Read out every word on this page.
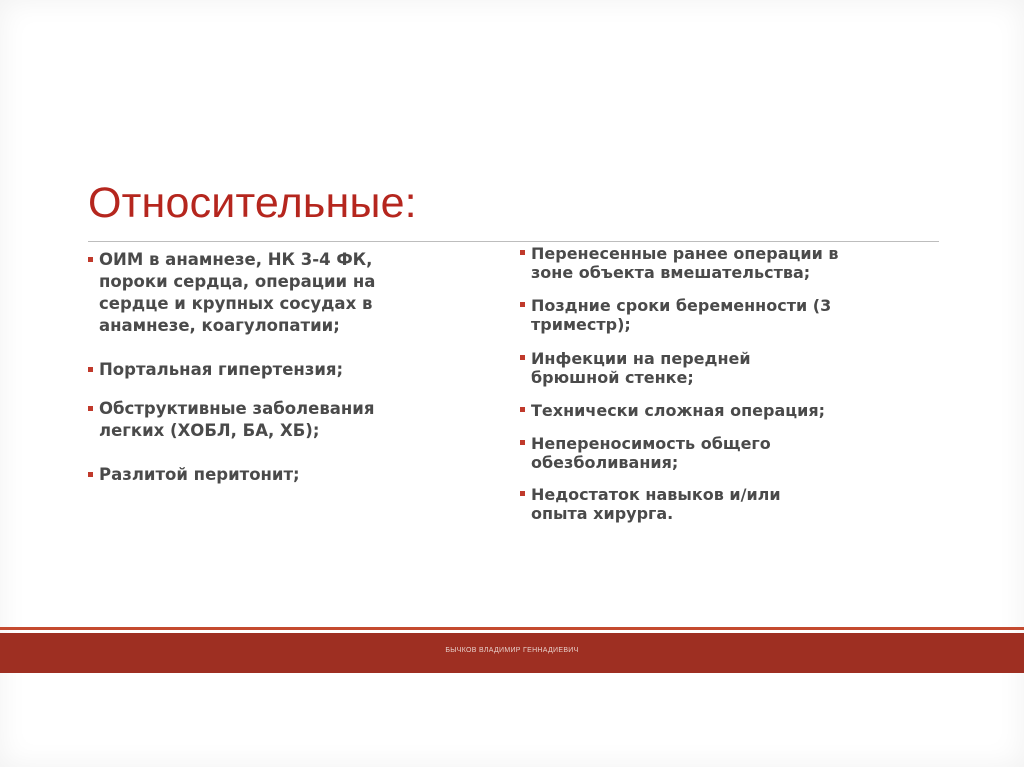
Относительные:
ОИМ в анамнезе, НК 3-4 ФК, пороки сердца, операции на сердце и крупных сосудах в анамнезе, коагулопатии;
Портальная гипертензия;
Обструктивные заболевания легких (ХОБЛ, БА, ХБ);
Разлитой перитонит;
Перенесенные ранее операции в зоне объекта вмешательства;
Поздние сроки беременности (3 триместр);
Инфекции на передней брюшной стенке;
Технически сложная операция;
Непереносимость общего обезболивания;
Недостаток навыков и/или опыта хирурга.
БЫЧКОВ ВЛАДИМИР ГЕННАДИЕВИЧ
